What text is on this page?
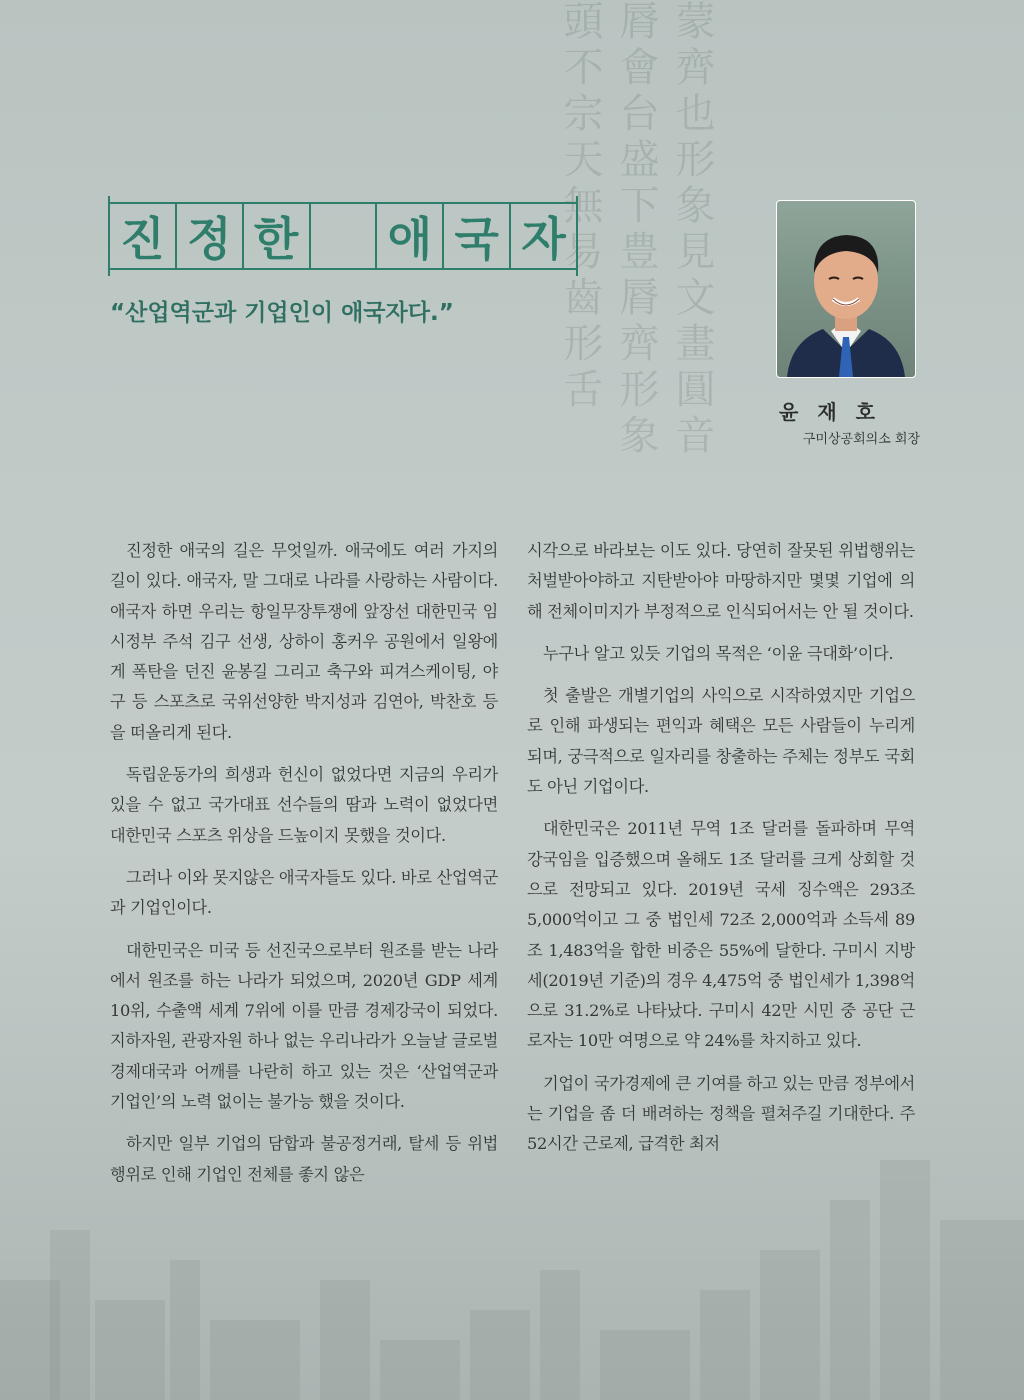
蒙齊也形象見文畫圓音脣會台盛下豊脣齊形象頭不宗天無易齒形舌
진 정 한 애 국 자
“산업역군과 기업인이 애국자다.”
윤 재 호
구미상공회의소 회장

진정한 애국의 길은 무엇일까. 애국에도 여러 가지의 길이 있다. 애국자, 말 그대로 나라를 사랑하는 사람이다. 애국자 하면 우리는 항일무장투쟁에 앞장선 대한민국 임시정부 주석 김구 선생, 상하이 홍커우 공원에서 일왕에게 폭탄을 던진 윤봉길 그리고 축구와 피겨스케이팅, 야구 등 스포츠로 국위선양한 박지성과 김연아, 박찬호 등을 떠올리게 된다.

독립운동가의 희생과 헌신이 없었다면 지금의 우리가 있을 수 없고 국가대표 선수들의 땀과 노력이 없었다면 대한민국 스포츠 위상을 드높이지 못했을 것이다.

그러나 이와 못지않은 애국자들도 있다. 바로 산업역군과 기업인이다.

대한민국은 미국 등 선진국으로부터 원조를 받는 나라에서 원조를 하는 나라가 되었으며, 2020년 GDP 세계 10위, 수출액 세계 7위에 이를 만큼 경제강국이 되었다. 지하자원, 관광자원 하나 없는 우리나라가 오늘날 글로벌 경제대국과 어깨를 나란히 하고 있는 것은 ‘산업역군과 기업인’의 노력 없이는 불가능 했을 것이다.

하지만 일부 기업의 담합과 불공정거래, 탈세 등 위법행위로 인해 기업인 전체를 좋지 않은

시각으로 바라보는 이도 있다. 당연히 잘못된 위법행위는 처벌받아야하고 지탄받아야 마땅하지만 몇몇 기업에 의해 전체이미지가 부정적으로 인식되어서는 안 될 것이다.

누구나 알고 있듯 기업의 목적은 ‘이윤 극대화’이다.

첫 출발은 개별기업의 사익으로 시작하였지만 기업으로 인해 파생되는 편익과 혜택은 모든 사람들이 누리게 되며, 궁극적으로 일자리를 창출하는 주체는 정부도 국회도 아닌 기업이다.

대한민국은 2011년 무역 1조 달러를 돌파하며 무역 강국임을 입증했으며 올해도 1조 달러를 크게 상회할 것으로 전망되고 있다. 2019년 국세 징수액은 293조 5,000억이고 그 중 법인세 72조 2,000억과 소득세 89조 1,483억을 합한 비중은 55%에 달한다. 구미시 지방세(2019년 기준)의 경우 4,475억 중 법인세가 1,398억으로 31.2%로 나타났다. 구미시 42만 시민 중 공단 근로자는 10만 여명으로 약 24%를 차지하고 있다.

기업이 국가경제에 큰 기여를 하고 있는 만큼 정부에서는 기업을 좀 더 배려하는 정책을 펼쳐주길 기대한다. 주 52시간 근로제, 급격한 최저
